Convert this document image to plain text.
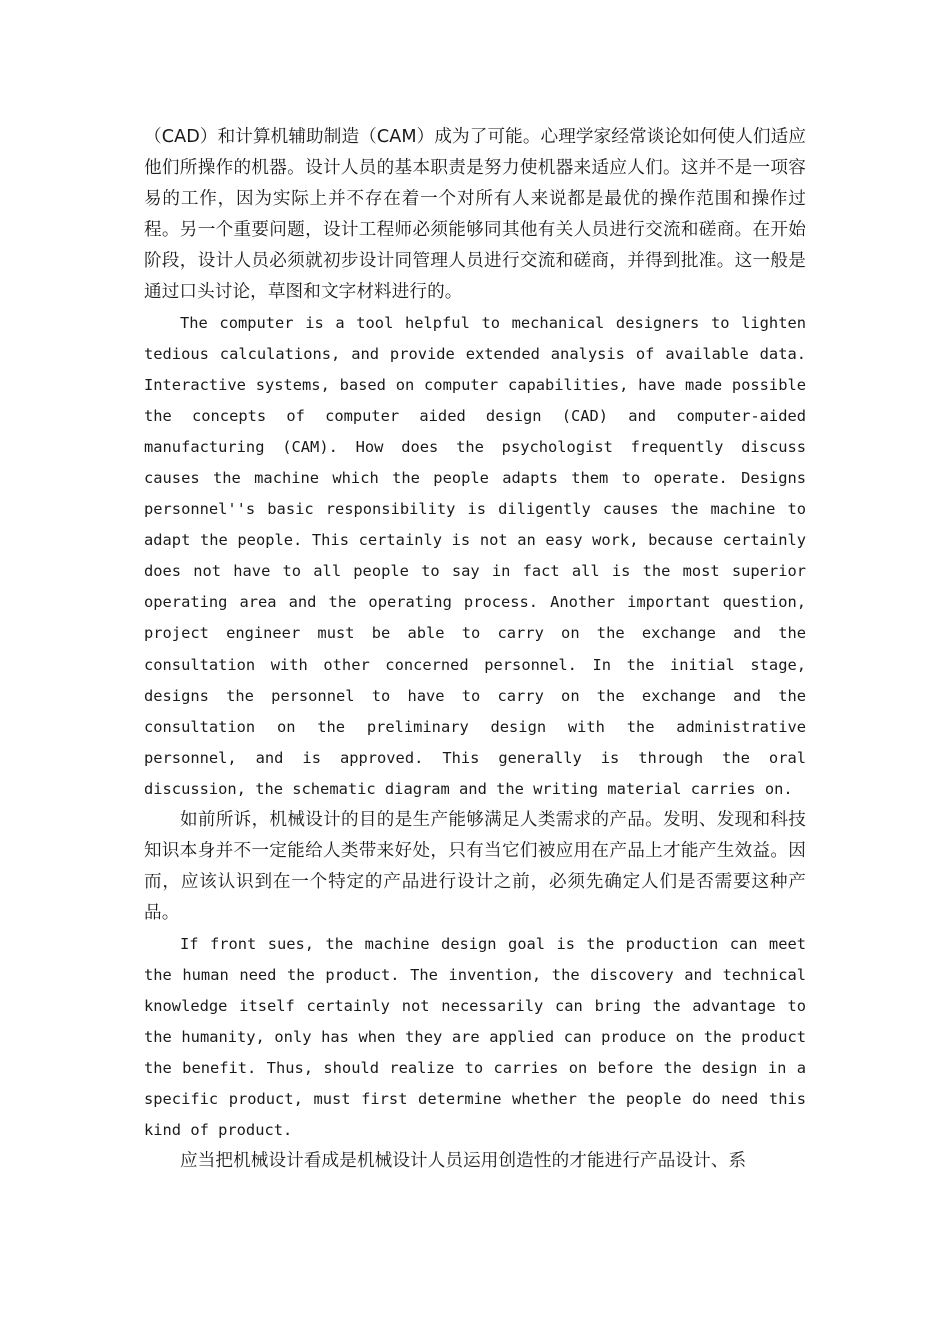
（CAD）和计算机辅助制造（CAM）成为了可能。心理学家经常谈论如何使人们适应他们所操作的机器。设计人员的基本职责是努力使机器来适应人们。这并不是一项容易的工作，因为实际上并不存在着一个对所有人来说都是最优的操作范围和操作过程。另一个重要问题，设计工程师必须能够同其他有关人员进行交流和磋商。在开始阶段，设计人员必须就初步设计同管理人员进行交流和磋商，并得到批准。这一般是通过口头讨论，草图和文字材料进行的。

The computer is a tool helpful to mechanical designers to lighten tedious calculations, and provide extended analysis of available data. Interactive systems, based on computer capabilities, have made possible the concepts of computer aided design (CAD) and computer-aided manufacturing (CAM). How does the psychologist frequently discuss causes the machine which the people adapts them to operate. Designs personnel''s basic responsibility is diligently causes the machine to adapt the people. This certainly is not an easy work, because certainly does not have to all people to say in fact all is the most superior operating area and the operating process. Another important question, project engineer must be able to carry on the exchange and the consultation with other concerned personnel. In the initial stage, designs the personnel to have to carry on the exchange and the consultation on the preliminary design with the administrative personnel, and is approved. This generally is through the oral discussion, the schematic diagram and the writing material carries on.

如前所诉，机械设计的目的是生产能够满足人类需求的产品。发明、发现和科技知识本身并不一定能给人类带来好处，只有当它们被应用在产品上才能产生效益。因而，应该认识到在一个特定的产品进行设计之前，必须先确定人们是否需要这种产品。

If front sues, the machine design goal is the production can meet the human need the product. The invention, the discovery and technical knowledge itself certainly not necessarily can bring the advantage to the humanity, only has when they are applied can produce on the product the benefit. Thus, should realize to carries on before the design in a specific product, must first determine whether the people do need this kind of product.

应当把机械设计看成是机械设计人员运用创造性的才能进行产品设计、系
